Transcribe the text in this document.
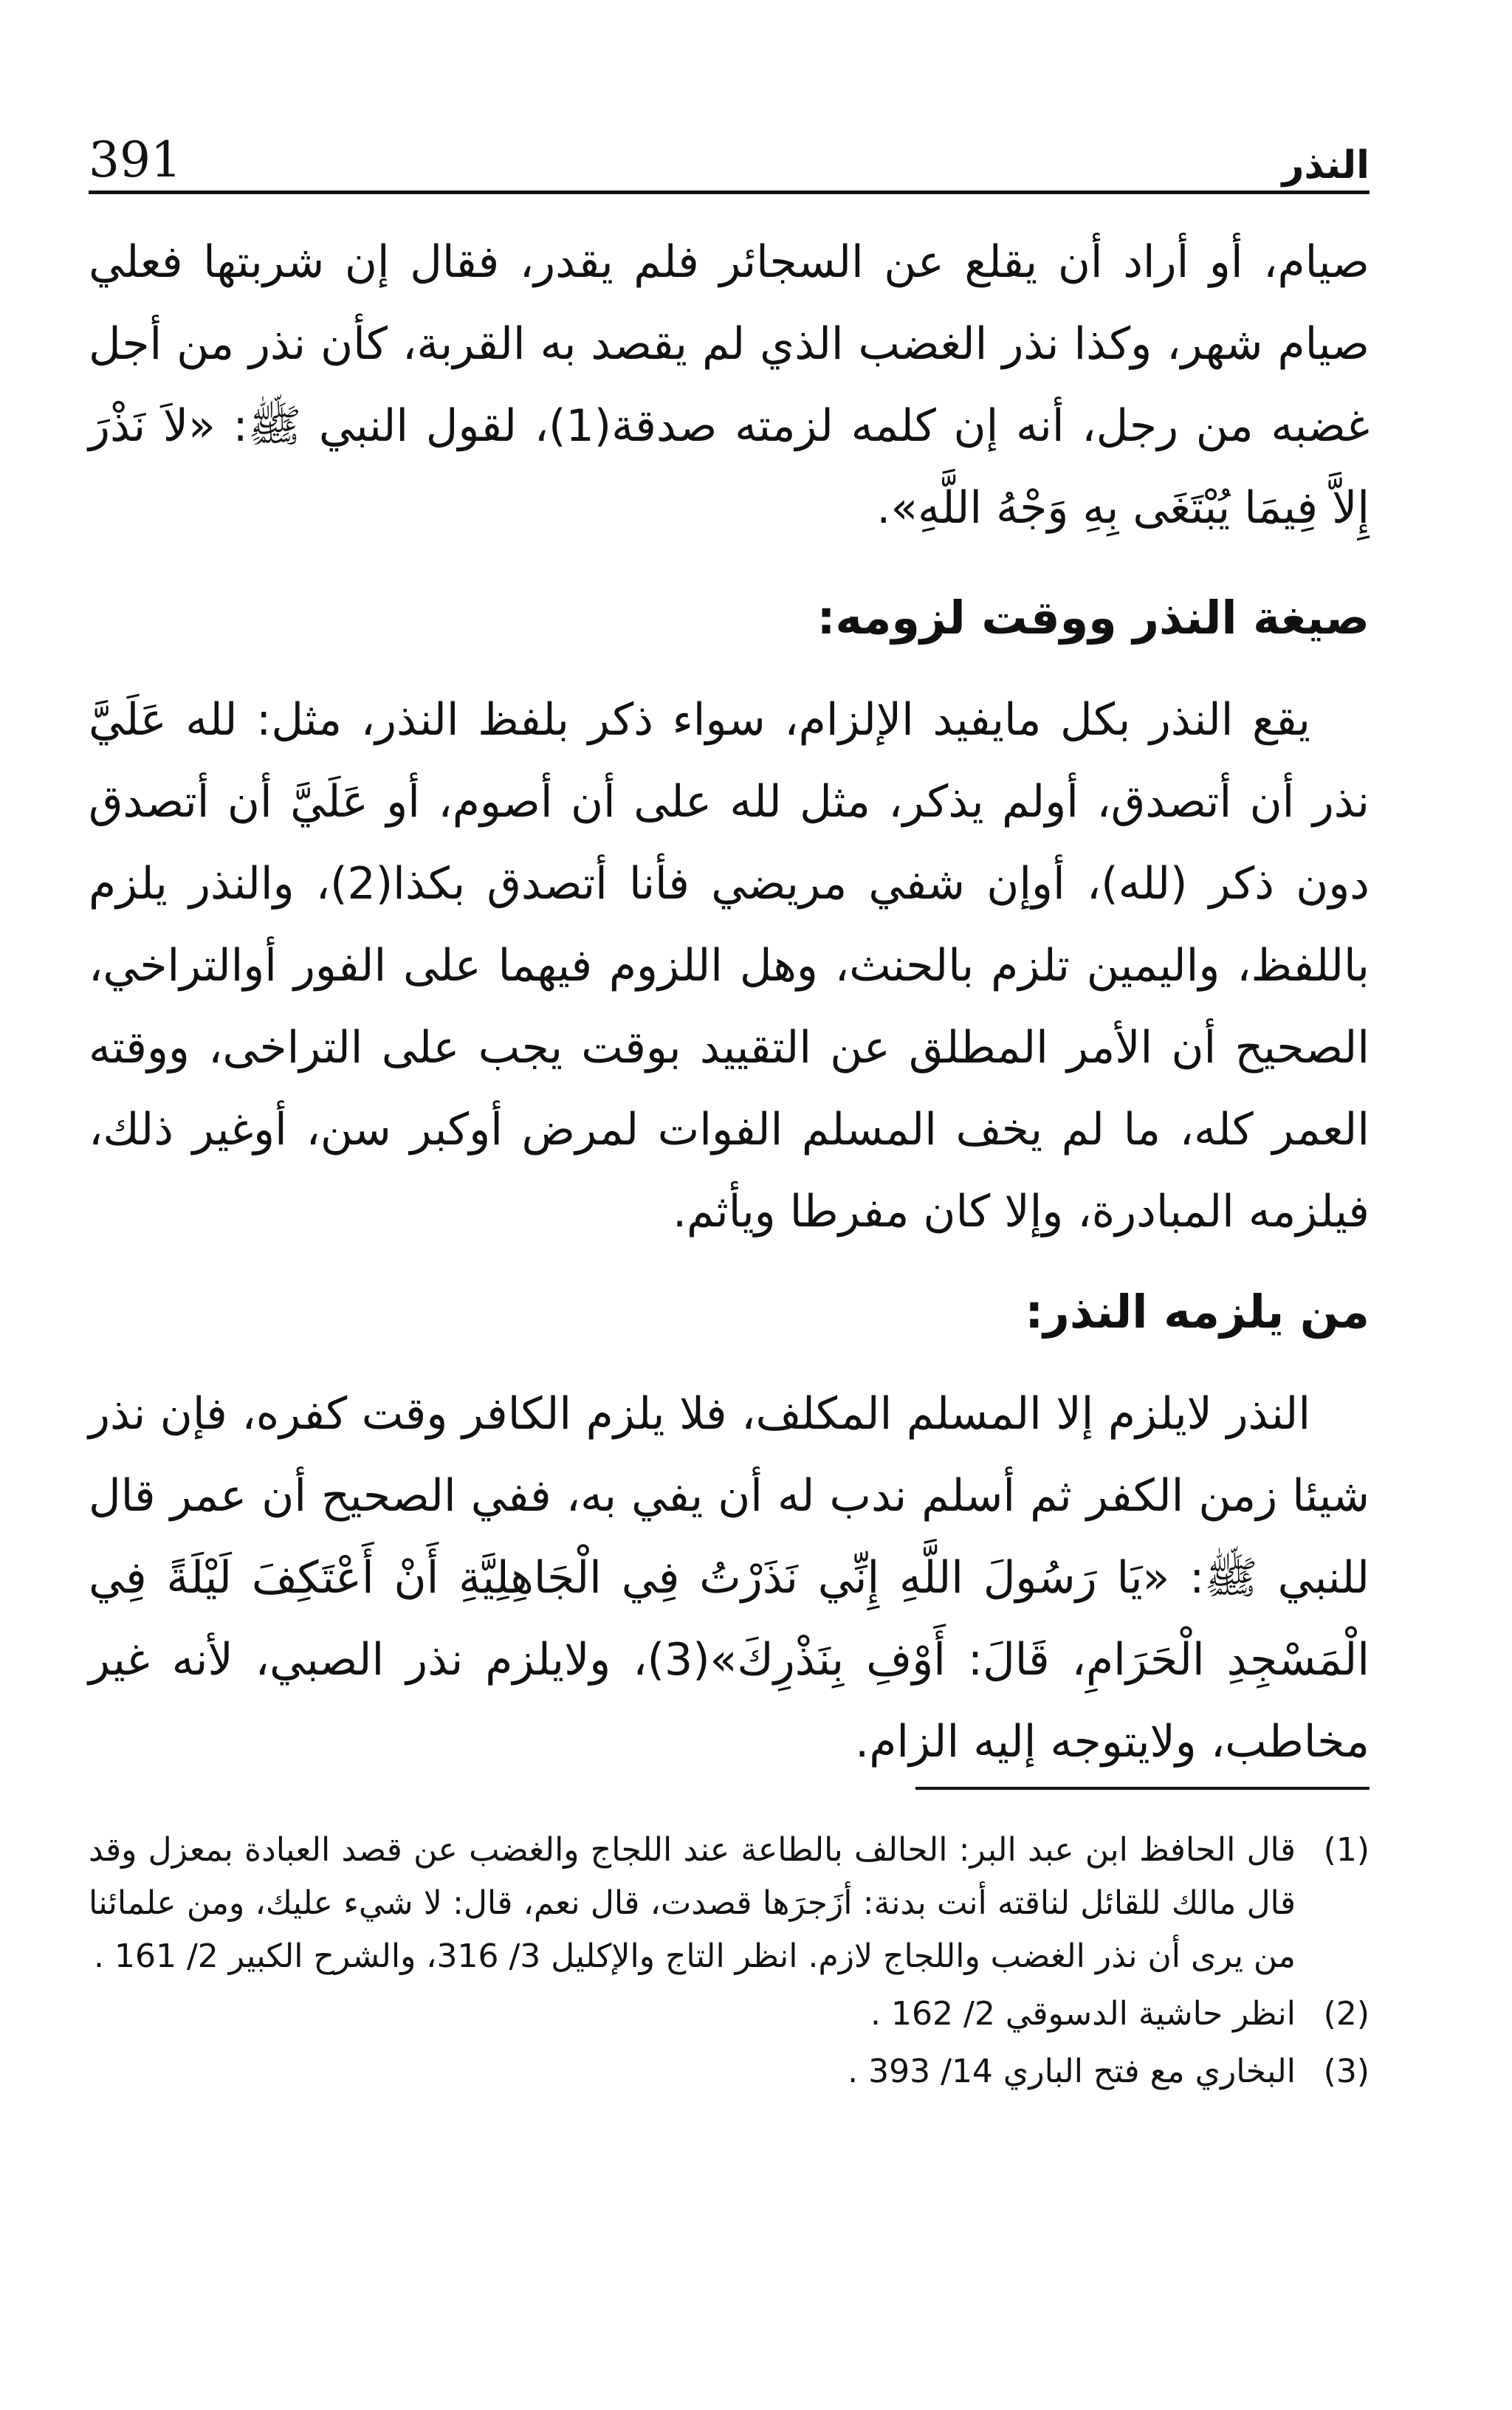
391	النذر

صيام، أو أراد أن يقلع عن السجائر فلم يقدر، فقال إن شربتها فعلي صيام شهر، وكذا نذر الغضب الذي لم يقصد به القربة، كأن نذر من أجل غضبه من رجل، أنه إن كلمه لزمته صدقة(1)، لقول النبي ﷺ: «لاَ نَذْرَ إِلاَّ فِيمَا يُبْتَغَى بِهِ وَجْهُ اللَّهِ».

صيغة النذر ووقت لزومه:

يقع النذر بكل مايفيد الإلزام، سواء ذكر بلفظ النذر، مثل: لله عَلَيَّ نذر أن أتصدق، أولم يذكر، مثل لله على أن أصوم، أو عَلَيَّ أن أتصدق دون ذكر (لله)، أوإن شفي مريضي فأنا أتصدق بكذا(2)، والنذر يلزم باللفظ، واليمين تلزم بالحنث، وهل اللزوم فيهما على الفور أوالتراخي، الصحيح أن الأمر المطلق عن التقييد بوقت يجب على التراخى، ووقته العمر كله، ما لم يخف المسلم الفوات لمرض أوكبر سن، أوغير ذلك، فيلزمه المبادرة، وإلا كان مفرطا ويأثم.

من يلزمه النذر:

النذر لايلزم إلا المسلم المكلف، فلا يلزم الكافر وقت كفره، فإن نذر شيئا زمن الكفر ثم أسلم ندب له أن يفي به، ففي الصحيح أن عمر قال للنبي ﷺ: «يَا رَسُولَ اللَّهِ إِنِّي نَذَرْتُ فِي الْجَاهِلِيَّةِ أَنْ أَعْتَكِفَ لَيْلَةً فِي الْمَسْجِدِ الْحَرَامِ، قَالَ: أَوْفِ بِنَذْرِكَ»(3)، ولايلزم نذر الصبي، لأنه غير مخاطب، ولايتوجه إليه الزام.

(1)
قال الحافظ ابن عبد البر: الحالف بالطاعة عند اللجاج والغضب عن قصد العبادة بمعزل وقد قال مالك للقائل لناقته أنت بدنة: أزَجرَها قصدت، قال نعم، قال: لا شيء عليك، ومن علمائنا من يرى أن نذر الغضب واللجاج لازم. انظر التاج والإكليل 3/ 316، والشرح الكبير 2/ 161 .
(2)
انظر حاشية الدسوقي 2/ 162 .
(3)
البخاري مع فتح الباري 14/ 393 .
